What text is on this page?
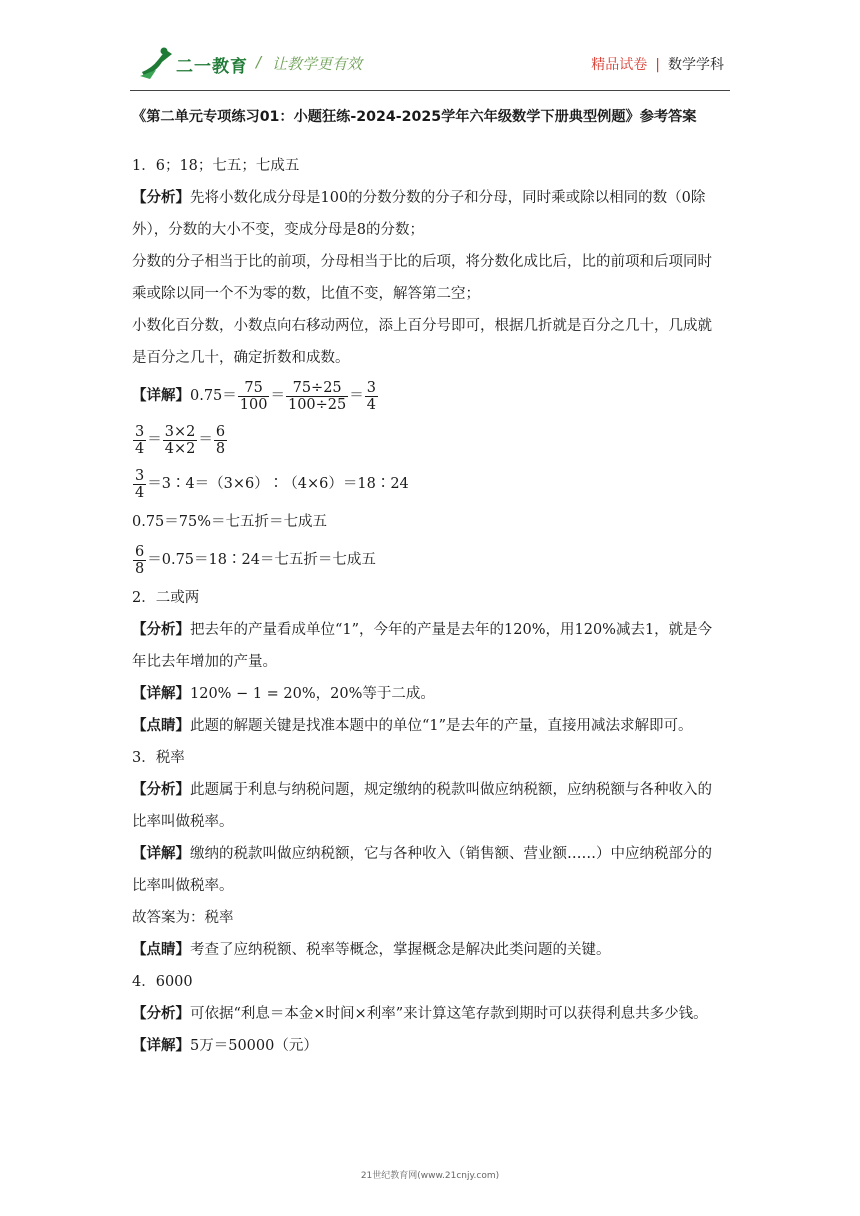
二一教育 / 让教学更有效	精品试卷 | 数学学科
《第二单元专项练习01：小题狂练-2024-2025学年六年级数学下册典型例题》参考答案
1．6；18；七五；七成五
【分析】先将小数化成分母是100的分数分数的分子和分母，同时乘或除以相同的数（0除
外），分数的大小不变，变成分母是8的分数；
分数的分子相当于比的前项，分母相当于比的后项，将分数化成比后，比的前项和后项同时
乘或除以同一个不为零的数，比值不变，解答第二空；
小数化百分数，小数点向右移动两位，添上百分号即可，根据几折就是百分之几十，几成就
是百分之几十，确定折数和成数。
【详解】$0.75= \frac{75}{100} = \frac{75\div 25}{100\div 25} = \frac{3}{4}$
$\frac{3}{4} = \frac{3\times 2}{4\times 2} = \frac{6}{8}$
$\frac{3}{4}$ ＝3∶4＝（3×6）∶（4×6）＝18∶24
0.75＝75%＝七五折＝七成五
$\frac{6}{8}$ ＝0.75＝18∶24＝七五折＝七成五
2．二或两
【分析】把去年的产量看成单位“1”，今年的产量是去年的120%，用120%减去1，就是今
年比去年增加的产量。
【详解】120% − 1 = 20%，20%等于二成。
【点睛】此题的解题关键是找准本题中的单位“1”是去年的产量，直接用减法求解即可。
3．税率
【分析】此题属于利息与纳税问题，规定缴纳的税款叫做应纳税额，应纳税额与各种收入的
比率叫做税率。
【详解】缴纳的税款叫做应纳税额，它与各种收入（销售额、营业额……）中应纳税部分的
比率叫做税率。
故答案为：税率
【点睛】考查了应纳税额、税率等概念，掌握概念是解决此类问题的关键。
4．6000
【分析】可依据“利息＝本金×时间×利率”来计算这笔存款到期时可以获得利息共多少钱。
【详解】5万＝50000（元）
21世纪教育网(www.21cnjy.com)
